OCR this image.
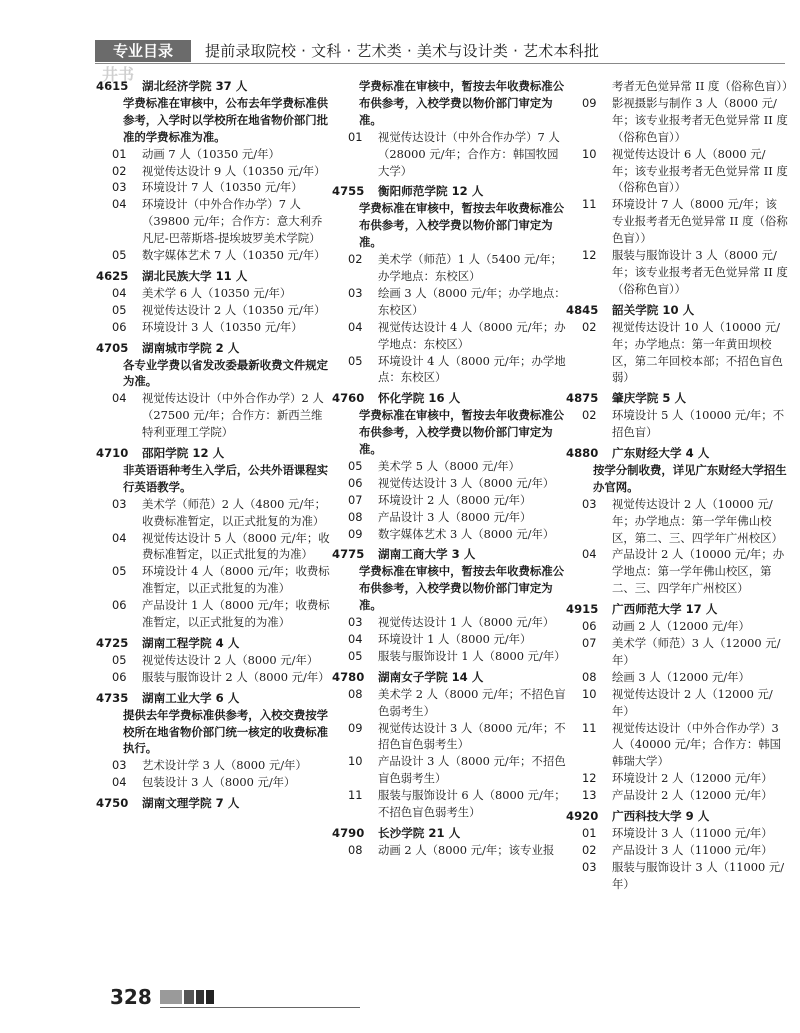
专业目录	提前录取院校 · 文科 · 艺术类 · 美术与设计类 · 艺术本科批
井书
4615 湖北经济学院 37 人
学费标准在审核中，公布去年学费标准供参考，入学时以学校所在地省物价部门批准的学费标准为准。
01 动画 7 人（10350 元/年）
02 视觉传达设计 9 人（10350 元/年）
03 环境设计 7 人（10350 元/年）
04 环境设计（中外合作办学）7 人（39800 元/年；合作方：意大利乔凡尼-巴蒂斯塔-提埃坡罗美术学院）
05 数字媒体艺术 7 人（10350 元/年）
4625 湖北民族大学 11 人
04 美术学 6 人（10350 元/年）
05 视觉传达设计 2 人（10350 元/年）
06 环境设计 3 人（10350 元/年）
4705 湖南城市学院 2 人
各专业学费以省发改委最新收费文件规定为准。
04 视觉传达设计（中外合作办学）2 人（27500 元/年；合作方：新西兰维特利亚理工学院）
4710 邵阳学院 12 人
非英语语种考生入学后，公共外语课程实行英语教学。
03 美术学（师范）2 人（4800 元/年；收费标准暂定，以正式批复的为准）
04 视觉传达设计 5 人（8000 元/年；收费标准暂定，以正式批复的为准）
05 环境设计 4 人（8000 元/年；收费标准暂定，以正式批复的为准）
06 产品设计 1 人（8000 元/年；收费标准暂定，以正式批复的为准）
4725 湖南工程学院 4 人
05 视觉传达设计 2 人（8000 元/年）
06 服装与服饰设计 2 人（8000 元/年）
4735 湖南工业大学 6 人
提供去年学费标准供参考，入校交费按学校所在地省物价部门统一核定的收费标准执行。
03 艺术设计学 3 人（8000 元/年）
04 包装设计 3 人（8000 元/年）
4750 湖南文理学院 7 人
学费标准在审核中，暂按去年收费标准公布供参考，入校学费以物价部门审定为准。
01 视觉传达设计（中外合作办学）7 人（28000 元/年；合作方：韩国牧园大学）
4755 衡阳师范学院 12 人
学费标准在审核中，暂按去年收费标准公布供参考，入校学费以物价部门审定为准。
02 美术学（师范）1 人（5400 元/年；办学地点：东校区）
03 绘画 3 人（8000 元/年；办学地点：东校区）
04 视觉传达设计 4 人（8000 元/年；办学地点：东校区）
05 环境设计 4 人（8000 元/年；办学地点：东校区）
4760 怀化学院 16 人
学费标准在审核中，暂按去年收费标准公布供参考，入校学费以物价部门审定为准。
05 美术学 5 人（8000 元/年）
06 视觉传达设计 3 人（8000 元/年）
07 环境设计 2 人（8000 元/年）
08 产品设计 3 人（8000 元/年）
09 数字媒体艺术 3 人（8000 元/年）
4775 湖南工商大学 3 人
学费标准在审核中，暂按去年收费标准公布供参考，入校学费以物价部门审定为准。
03 视觉传达设计 1 人（8000 元/年）
04 环境设计 1 人（8000 元/年）
05 服装与服饰设计 1 人（8000 元/年）
4780 湖南女子学院 14 人
08 美术学 2 人（8000 元/年；不招色盲色弱考生）
09 视觉传达设计 3 人（8000 元/年；不招色盲色弱考生）
10 产品设计 3 人（8000 元/年；不招色盲色弱考生）
11 服装与服饰设计 6 人（8000 元/年；不招色盲色弱考生）
4790 长沙学院 21 人
08 动画 2 人（8000 元/年；该专业报
考者无色觉异常 II 度（俗称色盲））
09 影视摄影与制作 3 人（8000 元/年；该专业报考者无色觉异常 II 度（俗称色盲））
10 视觉传达设计 6 人（8000 元/年；该专业报考者无色觉异常 II 度（俗称色盲））
11 环境设计 7 人（8000 元/年；该专业报考者无色觉异常 II 度（俗称色盲））
12 服装与服饰设计 3 人（8000 元/年；该专业报考者无色觉异常 II 度（俗称色盲））
4845 韶关学院 10 人
02 视觉传达设计 10 人（10000 元/年；办学地点：第一年黄田坝校区，第二年回校本部；不招色盲色弱）
4875 肇庆学院 5 人
02 环境设计 5 人（10000 元/年；不招色盲）
4880 广东财经大学 4 人
按学分制收费，详见广东财经大学招生办官网。
03 视觉传达设计 2 人（10000 元/年；办学地点：第一学年佛山校区，第二、三、四学年广州校区）
04 产品设计 2 人（10000 元/年；办学地点：第一学年佛山校区，第二、三、四学年广州校区）
4915 广西师范大学 17 人
06 动画 2 人（12000 元/年）
07 美术学（师范）3 人（12000 元/年）
08 绘画 3 人（12000 元/年）
10 视觉传达设计 2 人（12000 元/年）
11 视觉传达设计（中外合作办学）3 人（40000 元/年；合作方：韩国韩瑞大学）
12 环境设计 2 人（12000 元/年）
13 产品设计 2 人（12000 元/年）
4920 广西科技大学 9 人
01 环境设计 3 人（11000 元/年）
02 产品设计 3 人（11000 元/年）
03 服装与服饰设计 3 人（11000 元/年）
328
